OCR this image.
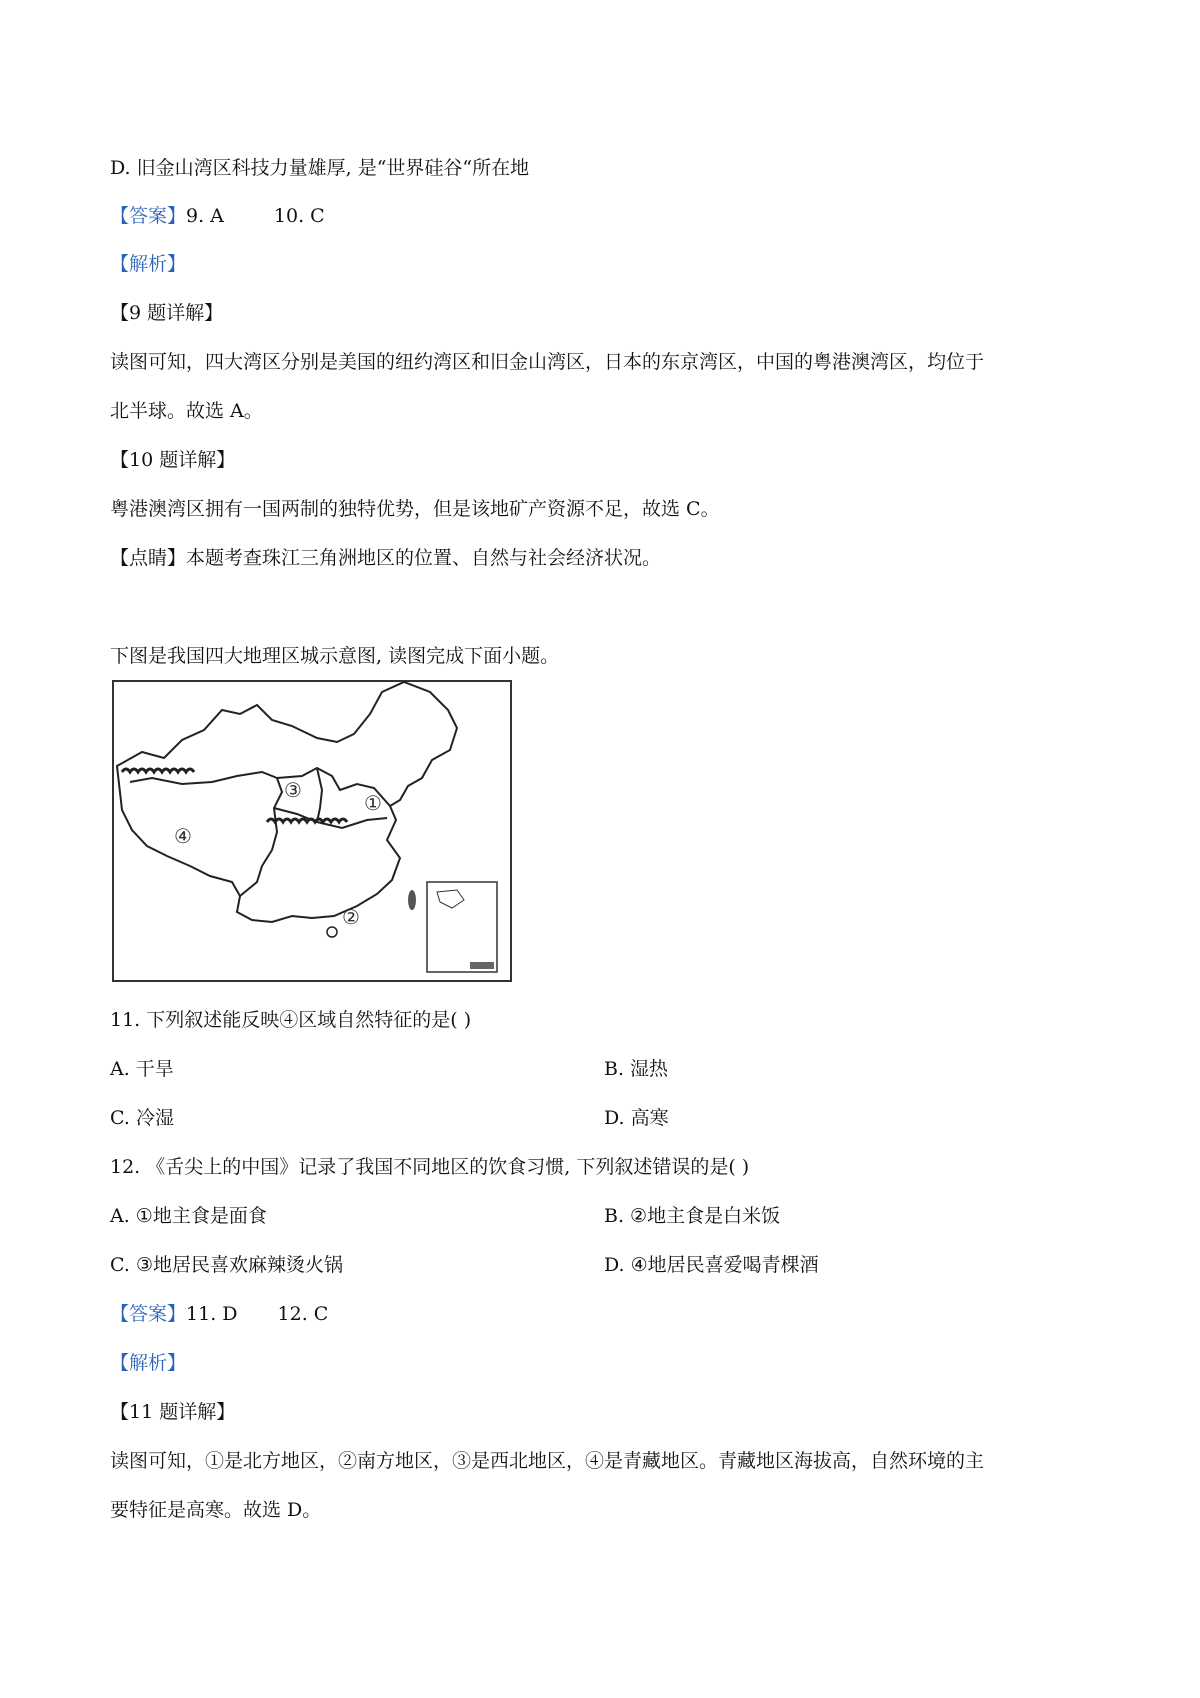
D. 旧金山湾区科技力量雄厚, 是“世界硅谷“所在地
【答案】9. A	10. C
【解析】
【9 题详解】
读图可知，四大湾区分别是美国的纽约湾区和旧金山湾区，日本的东京湾区，中国的粤港澳湾区，均位于
北半球。故选 A。
【10 题详解】
粤港澳湾区拥有一国两制的独特优势，但是该地矿产资源不足，故选 C。
【点睛】本题考查珠江三角洲地区的位置、自然与社会经济状况。
下图是我国四大地理区城示意图, 读图完成下面小题。
①
②
③
④
11. 下列叙述能反映④区域自然特征的是( )
A. 干旱	B. 湿热
C. 冷湿	D. 高寒
12. 《舌尖上的中国》记录了我国不同地区的饮食习惯, 下列叙述错误的是( )
A. ①地主食是面食	B. ②地主食是白米饭
C. ③地居民喜欢麻辣烫火锅	D. ④地居民喜爱喝青棵酒
【答案】11. D 12. C
【解析】
【11 题详解】
读图可知，①是北方地区，②南方地区，③是西北地区，④是青藏地区。青藏地区海拔高，自然环境的主
要特征是高寒。故选 D。
